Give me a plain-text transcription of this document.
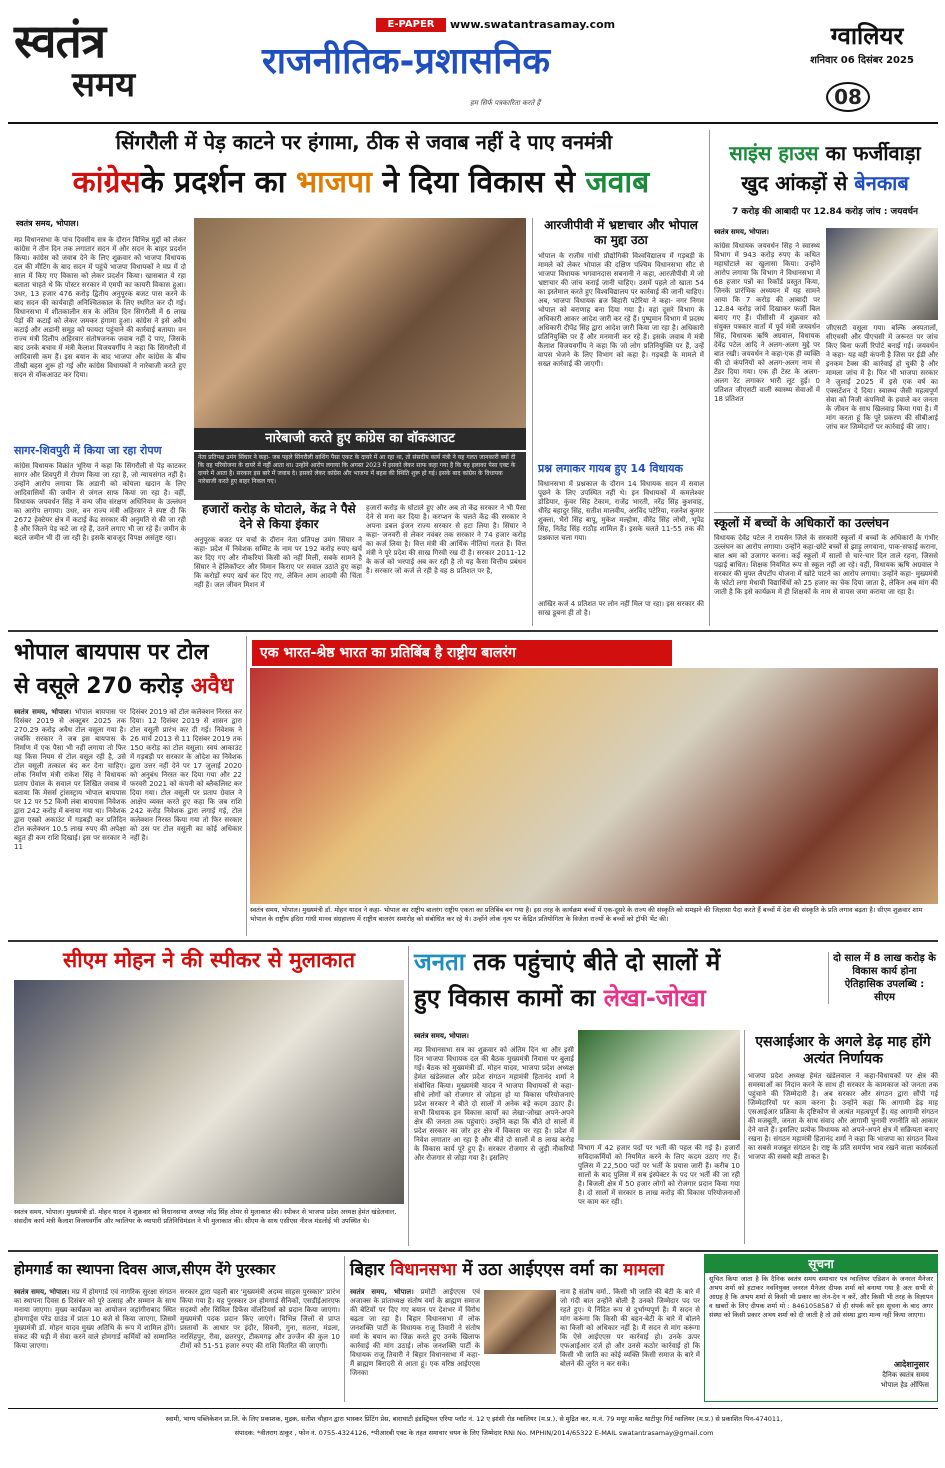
स्वतंत्र
समय
E-PAPER	www.swatantrasamay.com
राजनीतिक-प्रशासनिक
हम सिर्फ पत्रकारिता करते हैं
ग्वालियर
शनिवार 06 दिसंबर 2025
08
सिंगरौली में पेड़ काटने पर हंगामा, ठीक से जवाब नहीं दे पाए वनमंत्री
कांग्रेसके प्रदर्शन का भाजपा ने दिया विकास से जवाब
स्वतंत्र समय, भोपाल।
मप्र विधानसभा के पांच दिवसीय सत्र के दौरान विभिन्न मुद्दों को लेकर कांग्रेस ने तीन दिन तक लगातार सदन में और सदन के बाहर प्रदर्शन किया। कांग्रेस को जवाब देने के लिए शुक्रवार को भाजपा विधायक दल की मीटिंग के बाद सदन में पहुंचे भाजपा विधायकों ने मप्र में दो साल में किए गए विकास को लेकर प्रदर्शन किया। खासबात ये रहा बताता चाहते थे कि पोस्टर सरकार में एमपी का कायरी विकास हुआ। उधर, 13 हजार 476 करोड़ द्वितीय अनुपूरक बजट पास करने के बाद सदन की कार्यवाही अनिश्चितकाल के लिए स्थगित कर दी गई। विधानसभा में शीतकालीन सत्र के अंतिम दिन सिंगरौली में 6 लाख पेड़ों की कटाई को लेकर जमकर हंगामा हुआ। कांग्रेस ने इसे अवैध कटाई और अडानी समूह को फायदा पहुंचाने की कार्रवाई बताया। वन राज्य मंत्री दिलीप अहिरवार संतोषजनक जवाब नहीं दे पाए, जिसके बाद उनके बचाव में मंत्री कैलाश विजयवर्गीय ने कहा कि सिंगरौली में आदिवासी कम हैं। इस बयान के बाद भाजपा और कांग्रेस के बीच तीखी बहस शुरू हो गई और कांग्रेस विधायकों ने नारेबाजी करते हुए सदन से वॉकआउट कर दिया।
सागर-शिवपुरी में किया जा रहा रोपण
कांग्रेस विधायक विक्रांत भूरिया ने कहा कि सिंगरौली से पेड़ काटकर सागर और शिवपुरी में रोपण किया जा रहा है, जो न्यायसंगत नहीं है। उन्होंने आरोप लगाया कि अडानी को कोयला खदान के लिए आदिवासियों की जमीन से जंगल साफ किया जा रहा है। वहीं, विधायक जयवर्धन सिंह ने वन्य जीव संरक्षण अधिनियम के उल्लंघन का आरोप लगाया। उधर, वन राज्य मंत्री अहिरवार ने स्पष्ट दी कि 2672 हेक्टेयर क्षेत्र में कटाई केंद्र सरकार की अनुमति से की जा रही है और जितने पेड़ कटे जा रहे हैं, उतने लगाए भी जा रहे हैं। जमीन के बदले जमीन भी दी जा रही है। इसके बावजूद विपक्ष असंतुष्ट रहा।
नारेबाजी करते हुए कांग्रेस का वॉकआउट
नेता प्रतिपक्ष उमंग सिंघार ने कहा- जब पहले सिंगरौली वाशिंग पैसा एकट के दायरे में आ रहा था, तो संसदीय कार्य मंत्री ने यह गलत जानकारी क्यों दी कि वह परियोजना के दायरे में नहीं आता था। उन्होंने आरोप लगाया कि अगस्त 2023 में इसको लेकर साफ कहा गया है कि यह इलाका पेसा एक्ट के दायरे में आता है। सरकार इस बारे में जवाब दे। इसको लेकर कांग्रेस और भाजपा में बहस की स्थिति शुरू हो गई। इसके बाद कांग्रेस के विधायक नारेबाजी करते हुए बाहर निकल गए।
हजारों करोड़ के घोटाले, केंद्र ने पैसे देने से किया इंकार
अनुपूरक बजट पर चर्चा के दौरान नेता प्रतिपक्ष उमंग सिंघार ने कहा- प्रदेश में निवेशक सम्मिट के नाम पर 192 करोड़ रुपए खर्च कर दिए गए और नौकरियां किसी को नहीं मिलीं, सबके सामने है सिंघार ने हेलिकॉप्टर और विमान किराए पर सवाल उठाते हुए कहा कि करोड़ों रुपए खर्च कर दिए गए, लेकिन आम आदमी की चिंता नहीं है। जल जीवन मिशन में
हजारों करोड़ के घोटाले हुए और अब तो केंद्र सरकार ने भी पैसा देने से मना कर दिया है। करप्शन के चलते केंद्र की सरकार ने अपना डबल इंजन राज्य सरकार से हटा लिया है। सिंघार ने कहा- जनवरी से लेकर नवंबर तक सरकार ने 74 हजार करोड़ का कर्ज लिया है। वित्त मंत्री की आर्थिक नीतियां गलत हैं। वित्त मंत्री ने पूरे प्रदेश की साख गिरवी रख दी है। सरकार 2011-12 के कर्ज को भरपाई अब कर रही है तो यह कैसा वित्तीय प्रबंधन है। सरकार जो कर्ज ले रही है वह 8 प्रतिशत पर है,
आरजीपीवी में भ्रष्टाचार और भोपाल का मुद्दा उठा
भोपाल के राजीव गांधी प्रौद्योगिकी विश्वविद्यालय में गड़बड़ी के मामले को लेकर भोपाल की दक्षिण पश्चिम विधानसभा सीट से भाजपा विधायक भगवानदास सबनानी ने कहा, आरजीपीवी में जो भ्रष्टाचार की जांच कराई जानी चाहिए। उसमें पहले तो खाता 54 का इस्तेमाल करते हुए विश्वविद्यालय पर कार्रवाई की जानी चाहिए। अब, भाजपा विधायक ब्रज बिहारी पटेरिया ने कहा- नगर निगम भोपाल को बराणाह बना दिया गया है। वहां दूसरे विभाग के अधिकारी आकर आदेश जारी कर रहे हैं। पुष्पुमान विभाग में प्रदस्थ अधिकारी दीपेंद्र सिंह द्वारा आदेश जारी किया जा रहा है। अधिकारी प्रतिनियुक्ति पर हैं और मनमानी कर रहे हैं। इसके जवाब में मंत्री कैलाश विजयवर्गीय ने कहा कि जो लोग प्रतिनियुक्ति पर हैं, उन्हें वापस भेजने के लिए विभाग को कहा है। गड़बड़ी के मामले में सख्त कार्रवाई की जाएगी।
प्रश्न लगाकर गायब हुए 14 विधायक
विधानसभा में प्रश्नकाल के दौरान 14 विधायक सदन में सवाल पूछने के लिए उपस्थित नहीं थे। इन विधायकों में कमलेश्वर डोडियार, कुंवर सिंह टेकाम, राजेंद्र भारती, नरेंद्र सिंह कुशवाह, धीरेंद्र बहादुर सिंह, सतीश मालवीय, अरविंद पटेरिया, रजनेश कुमार शुक्ला, भैरो सिंह बापू, मुकेश मल्होत्रा, वीरेंद्र सिंह लोधी, भूपेंद्र सिंह, नितेंद्र सिंह राठौड़ शामिल हैं। इसके चलते 11-55 तक की प्रश्नकाल चला गया।
आखिर कर्ज 4 प्रतिशत पर लोन नहीं मिल पा रहा। इस सरकार की साख डूबना ही तो है।
साइंस हाउस का फर्जीवाड़ा
खुद आंकड़ों से बेनकाब
7 करोड़ की आबादी पर 12.84 करोड़ जांच : जयवर्धन
स्वतंत्र समय, भोपाल।
कांग्रेस विधायक जयवर्धन सिंह ने स्वास्थ्य विभाग में 943 करोड़ रुपए के कथित महाघोटाले का खुलासा किया। उन्होंने आरोप लगाया कि विभाग ने विधानसभा में 68 हजार पन्नों का रिकॉर्ड प्रस्तुत किया, जिनके प्रारंभिक अध्ययन में यह सामने आया कि 7 करोड़ की आबादी पर 12.84 करोड़ जांचें दिखाकर फर्जी बिल बनाए गए हैं। पीसीसी में शुक्रवार को संयुक्त पत्रकार वार्ता में पूर्व मंत्री जयवर्धन सिंह, विधायक ऋषि अग्रवाल, विधायक देवेंद्र पटेल आदि ने अलग-अलग मुद्दे पर बात रखी। जयवर्धन ने कहा-एक ही व्यक्ति की दो कंपनियों को अलग-अलग नाम से टेंडर दिया गया। एक ही टेस्ट के अलग-अलग रेट लगाकर भारी लूट हुई। 0 प्रतिशत जीएसटी वाली स्वास्थ्य सेवाओं में 18 प्रतिशत
जीएसटी वसूला गया। बल्कि अस्पतालों, सीएचसी और पीएचसी में जरूरत पर जांच किए बिना फर्जी रिपोर्ट बनाई गई। जयवर्धन ने कहा- यह वही कंपनी है जिस पर ईडी और इनकम टैक्स की कार्रवाई हो चुकी है और मामला जांच में है। फिर भी भाजपा सरकार ने जुलाई 2025 में इसे एक वर्ष का एक्सटेंशन दे दिया। स्वास्थ्य जैसी महत्वपूर्ण सेवा को निजी कंपनियों के हवाले कर जनता के जीवन के साथ खिलवाड़ किया गया है। मैं मांग करता हूं कि पूरे प्रकरण की सीबीआई जांच कर जिम्मेदारों पर कार्रवाई की जाए।
स्कूलों में बच्चों के अधिकारों का उल्लंघन
विधायक देवेंद्र पटेल ने रायसेन जिले के सरकारी स्कूलों में बच्चों के अधिकारों के गंभीर उल्लंघन का आरोप लगाया। उन्होंने कहा-छोटे बच्चों से झाड़ू लगवाना, पाक-सफाई कराना, बाल श्रम को उजागर करना। कई स्कूलों में सालों से चार-चार दिन ताले रहना, जिससे पढ़ाई बाधित। शिक्षक नियमित रूप से स्कूल नहीं आ रहे। वहीं, विधायक ऋषि अग्रवाल ने सरकार की मुफ्त लैपटॉप योजना में खोटे पाटने का आरोप लगाया। उन्होंने कहा- मुख्यमंत्री के फोटो लगा मेधावी विद्यार्थियों को 25 हजार का चेक दिया जाता है, लेकिन अब मांग की जाती है कि इसे कार्यक्रम में ही शिक्षकों के नाम से वापस जमा कराया जा रहा है।
भोपाल बायपास पर टोल
से वसूले 270 करोड़ अवैध
स्वतंत्र समय, भोपाल। भोपाल बायपास पर दिसंबर 2019 से अक्टूबर 2025 तक 270.29 करोड़ अवैध टोल वसूला गया है। जबकि सरकार ने जब इस बायपास के निर्माण में एक पैसा भी नहीं लगाया तो फिर यह किस नियम से टोल वसूल रही है, उसे टोल वसूली तत्काल बंद कर देना चाहिए। लोक निर्माण मंत्री राकेश सिंह ने विधायक प्रताप ग्रेवाल के सवाल पर लिखित जवाब में बताया कि मेसर्स ट्रांसस्ट्राय भोपाल बायपास पर 12 पर 52 किमी लंबा बायपास निवेशक द्वारा 242 करोड़ में बनाया गया था। निवेशक द्वारा एस्क्रो अकाउंट में गड़बड़ी कर प्रतिदिन टोल कलेक्शन 10.5 लाख रुपए की अपेक्षा बहुत ही कम राशि दिखाई। इस पर सरकार ने 11
दिसंबर 2019 को टोल कलेक्शन निरस्त कर दिया। 12 दिसंबर 2019 से शासन द्वारा टोल वसूली प्रारंभ कर दी गई। निवेशक ने 26 मार्च 2013 से 11 दिसंबर 2019 तक 150 करोड़ का टोल वसूला। स्वयं आकाउंट में गड़बड़ी पर सरकार के ओदेश का निवेशक द्वारा उत्तर नहीं देने पर 17 जुलाई 2020 को अनुबंध निरस्त कर दिया गया और 22 फरवरी 2021 को कंपनी को ब्लैकलिस्ट कर दिया गया। टोल वसूली पर प्रताप ग्रेवाल ने आक्षेप व्यक्त करते हुए कहा कि जब राशि 242 करोड़ निवेशक द्वारा लगाई गई, टोल कलेक्शन निरस्त किया गया तो फिर सरकार को उस पर टोल वसूली का कोई अधिकार नहीं है।
एक भारत-श्रेष्ठ भारत का प्रतिबिंब है राष्ट्रीय बालरंग
स्वतंत्र समय, भोपाल। मुख्यमंत्री डॉ. मोहन यादव ने कहा- भोपाल का राष्ट्रीय बालरंग राष्ट्रीय एकता का प्रतिबिंब बन गया है। इस तरह के कार्यक्रम बच्चों में एक-दूसरे के राज्य की संस्कृति को समझने की जिज्ञासा पैदा करते हैं बच्चों में देश की संस्कृति के प्रति लगाव बढ़ता है। सीएम शुक्रवार शाम भोपाल के राष्ट्रीय इंदिरा गांधी मानव संग्रहालय में राष्ट्रीय बालरंग समारोह को संबोधित कर रहे थे। उन्होंने लोक नृत्य पर केंद्रित प्रतियोगिता के विजेता राज्यों के बच्चों को ट्रॉफी भेंट की।
सीएम मोहन ने की स्पीकर से मुलाकात
स्वतंत्र समय, भोपाल। मुख्यमंत्री डॉ. मोहन यादव ने शुक्रवार को विधानसभा अध्यक्ष नरेंद्र सिंह तोमर से मुलाकात की। स्पीकर से भाजपा प्रदेश अध्यक्ष हेमंत खंडेलवाल, संसदीय कार्य मंत्री कैलाश विजयवर्गीय और ग्वालियर के व्यापारी प्रतिनिधिमंडल ने भी मुलाकात की। सीएम के साथ एसीएस नीरज मंडलोई भी उपस्थित थे।
जनता तक पहुंचाएं बीते दो सालों में
हुए विकास कामों का लेखा-जोखा
दो साल में 8 लाख करोड़ के विकास कार्य होना ऐतिहासिक उपलब्धि : सीएम
स्वतंत्र समय, भोपाल।
मप्र विधानसभा सत्र का शुक्रवार को अंतिम दिन था और इसी दिन भाजपा विधायक दल की बैठक मुख्यमंत्री निवास पर बुलाई गई। बैठक को मुख्यमंत्री डॉ. मोहन यादव, भाजपा प्रदेश अध्यक्ष हेमंत खंडेलवाल और प्रदेश संगठन महामंत्री हितानंद शर्मा ने संबोधित किया। मुख्यमंत्री यादव ने भाजपा विधायकों से कहा-सीधे लोगों को रोजगार से जोड़ना हो या विकास परियोजनाएं प्रदेश सरकार ने बीते दो सालों में अनेक बड़े कदम उठाए हैं। सभी विधायक इन विकास कार्यों का लेखा-जोखा अपने-अपने क्षेत्र की जनता तक पहुंचाएं। उन्होंने कहा कि बीते दो सालों में प्रदेश सरकार का जोर हर क्षेत्र में विकास पर रहा है। प्रदेश में निवेश लगातार आ रहा है और बीते दो सालों में 8 लाख करोड़ के विकास कार्य पूरे हुए हैं। सरकार रोजगार से जुड़ी नौकरियों और रोजगार से जोड़ा गया है। इसलिए
विभाग में 42 हजार पदों पर भर्ती की पहल की गई है। हजारों सविदाकर्मियों को नियमित करने के लिए कदम उठाए गए हैं। पुलिस में 22,500 पदों पर भर्ती के प्रयास जारी हैं। करीब 10 सालों के बाद पुलिस में सब इंस्पेक्टर के पद पर भर्ती की जा रही है। बिजली क्षेत्र में 50 हजार लोगों को रोजगार प्रदान किया गया है। दो सालों में सरकार 8 लाख करोड़ की विकास परियोजनाओं पर काम कर रही।
एसआईआर के अगले डेढ़ माह होंगे अत्यंत निर्णायक
भाजपा प्रदेश अध्यक्ष हेमंत खंडेलवाल ने कहा-विधायकों पर क्षेत्र की समस्याओं का निदान करने के साथ ही सरकार के कामकाज को जनता तक पहुंचाने की जिम्मेदारी है। अब सरकार और संगठन द्वारा सौंपी गई जिम्मेदारियों पर काम करना है। उन्होंने कहा कि आगामी डेढ़ माह एसआईआर प्रक्रिया के दृष्टिकोण से अत्यंत महत्वपूर्ण हैं। यह आगामी संगठन की मजबूती, जनता के साथ संवाद और आगामी चुनावी रणनीति को आकार देने वाले हैं। इसलिए प्रत्येक विधायक को अपने-अपने क्षेत्र में सक्रियता बनाए रखना है। संगठन महामंत्री हितानंद शर्मा ने कहा कि भाजपा का संगठन विश्व का सबसे मजबूत संगठन है। राष्ट्र के प्रति समर्पण भाव रखने वाला कार्यकर्ता भाजपा की सबसे बड़ी ताकत है।
होमगार्ड का स्थापना दिवस आज,सीएम देंगे पुरस्कार
स्वतंत्र समय, भोपाल। मप्र में होमगार्ड एवं नागरिक सुरक्षा संगठन का स्थापना दिवस 6 दिसंबर को पूरे उत्साह और सम्मान के साथ मनाया जाएगा। मुख्य कार्यक्रम का आयोजन जहांगीराबाद स्थित होमगार्ड्स परेड ग्राउंड में प्रातः 10 बजे से किया जाएगा, जिसमें मुख्यमंत्री डॉ. मोहन यादव मुख्य अतिथि के रूप में शामिल होंगे। संकट की घड़ी में सेवा करने वाले होमगार्ड कर्मियों को सम्मानित किया जाएगा।
सरकार द्वारा पहली बार 'मुख्यमंत्री अदम्य साहस पुरस्कार' प्रारंभ किया गया है। यह पुरस्कार उन होमगार्ड सैनिकों, एसडीईआरएफ सदस्यों और सिविल डिफेंस वॉलंटियर्स को प्रदान किया जाएगा। मुख्यमंत्री पदक प्रदान किए जाएंगे। विभिन्न जिलों से प्राप्त प्रस्तावों के आधार पर इंदौर, सिवनी, गुना, सतना, मंडला, नरसिंहपुर, रीवा, छतरपुर, टीकमगढ़ और उज्जैन की कुल 10 टीमों को 51-51 हजार रुपए की राशि वितरित की जाएगी।
बिहार विधानसभा में उठा आईएएस वर्मा का मामला
स्वतंत्र समय, भोपाल। प्रमोटी आईएएस एवं अजाक्स के प्रांताध्यक्ष संतोष वर्मा के ब्राह्मण समाज की बेटियों पर दिए गए बयान पर देशभर में विरोध बढ़ता जा रहा है। बिहार विधानसभा में लोक जनशक्ति पार्टी के विधायक राजू तिवारी ने संतोष वर्मा के बयान का जिक्र करते हुए उनके खिलाफ कार्रवाई की मांग उठाई। लोक जनशक्ति पार्टी के विधायक राजू तिवारी ने बिहार विधानसभा में कहा- मैं ब्राह्मण बिरादरी से आता हूं। एक वरिष्ठ आईएएस जिनका
नाम है संतोष वर्मा.. किसी भी जाति की बेटी के बारे में जो गंदी बात उन्होंने बोली है उनको जिम्मेदार पद पर रहते हुए। ये निंदित रूप से दुर्भाग्यपूर्ण है। मैं सदन से मांग करूंगा कि किसी की बहन-बेटी के बारे में बोलने का किसी को अधिकार नहीं है। मैं सदन से मांग करूंगा कि ऐसे आईएएस पर कार्रवाई हो। उनके ऊपर एफआईआर दर्ज हो और उनसे कठोर कार्रवाई हो कि किसी भी जाति का कोई व्यक्ति किसी समाज के बारे में बोलने की जुर्रत न कर सके।
सूचना
सूचित किया जाता है कि दैनिक स्वतंत्र समय समाचार पत्र ग्वालियर एडिशन के जनरल मैनेजर अभय शर्मा को हटाकर नवनियुक्त जनरल मैनेजर दीपक शर्मा को बनाया गया है अतः सभी से आग्रह है कि अभय शर्मा से किसी भी प्रकार का लेन-देन न करें, और किसी भी तरह के विज्ञापन व खबरों के लिए दीपक शर्मा मो : 8461058587 से ही संपर्क करें इस सूचना के बाद अगर संस्था को किसी प्रकार अभय शर्मा को दी जाती है तो उसे संस्था द्वारा मान्य नहीं किया जाएगा।
आदेशानुसार
दैनिक स्वतंत्र समय
भोपाल हेड ऑफिस
स्वामी, भाग्य पब्लिकेशन प्रा.लि. के लिए प्रकाशक, मुद्रक, सतीश चौहान द्वारा भास्कर प्रिंटिंग प्रेस, बाराघाटी इंडस्ट्रियल एरिया प्लॉट नं. 12 ए झांसी रोड ग्वालियर (म.प्र.), से मुद्रित कर, म.नं. 79 मयूर मार्केट थाटीपुर गिर्द ग्वालियर (म.प्र.) से प्रकाशित पिन-474011,
संपादक: *वीतराग ठाकुर , फोन नं. 0755-4324126, *पीआरबी एक्ट के तहत समाचार चयन के लिए जिम्मेदार RNI No. MPHIN/2014/65322 E-MAIL swatantrasamay@gmail.com
